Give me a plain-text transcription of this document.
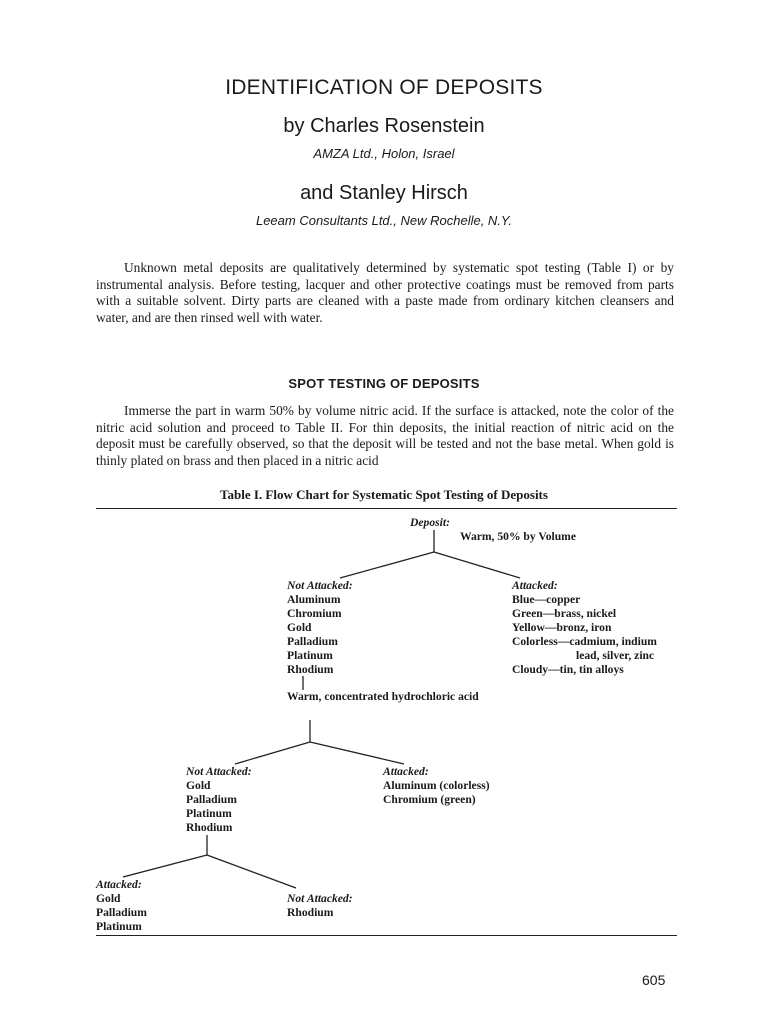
IDENTIFICATION OF DEPOSITS
by Charles Rosenstein
AMZA Ltd., Holon, Israel
and Stanley Hirsch
Leeam Consultants Ltd., New Rochelle, N.Y.

Unknown metal deposits are qualitatively determined by systematic spot testing (Table I) or by instrumental analysis. Before testing, lacquer and other protective coatings must be removed from parts with a suitable solvent. Dirty parts are cleaned with a paste made from ordinary kitchen cleansers and water, and are then rinsed well with water.

SPOT TESTING OF DEPOSITS

Immerse the part in warm 50% by volume nitric acid. If the surface is attacked, note the color of the nitric acid solution and proceed to Table II. For thin deposits, the initial reaction of nitric acid on the deposit must be carefully observed, so that the deposit will be tested and not the base metal. When gold is thinly plated on brass and then placed in a nitric acid

Table I. Flow Chart for Systematic Spot Testing of Deposits
Deposit:
Warm, 50% by Volume
Not Attacked:
Aluminum
Chromium
Gold
Palladium
Platinum
Rhodium
Attacked:
Blue—copper
Green—brass, nickel
Yellow—bronz, iron
Colorless—cadmium, indium
lead, silver, zinc
Cloudy—tin, tin alloys
Warm, concentrated hydrochloric acid
Not Attacked:
Gold
Palladium
Platinum
Rhodium
Attacked:
Aluminum (colorless)
Chromium (green)
Attacked:
Gold
Palladium
Platinum
Not Attacked:
Rhodium
605
